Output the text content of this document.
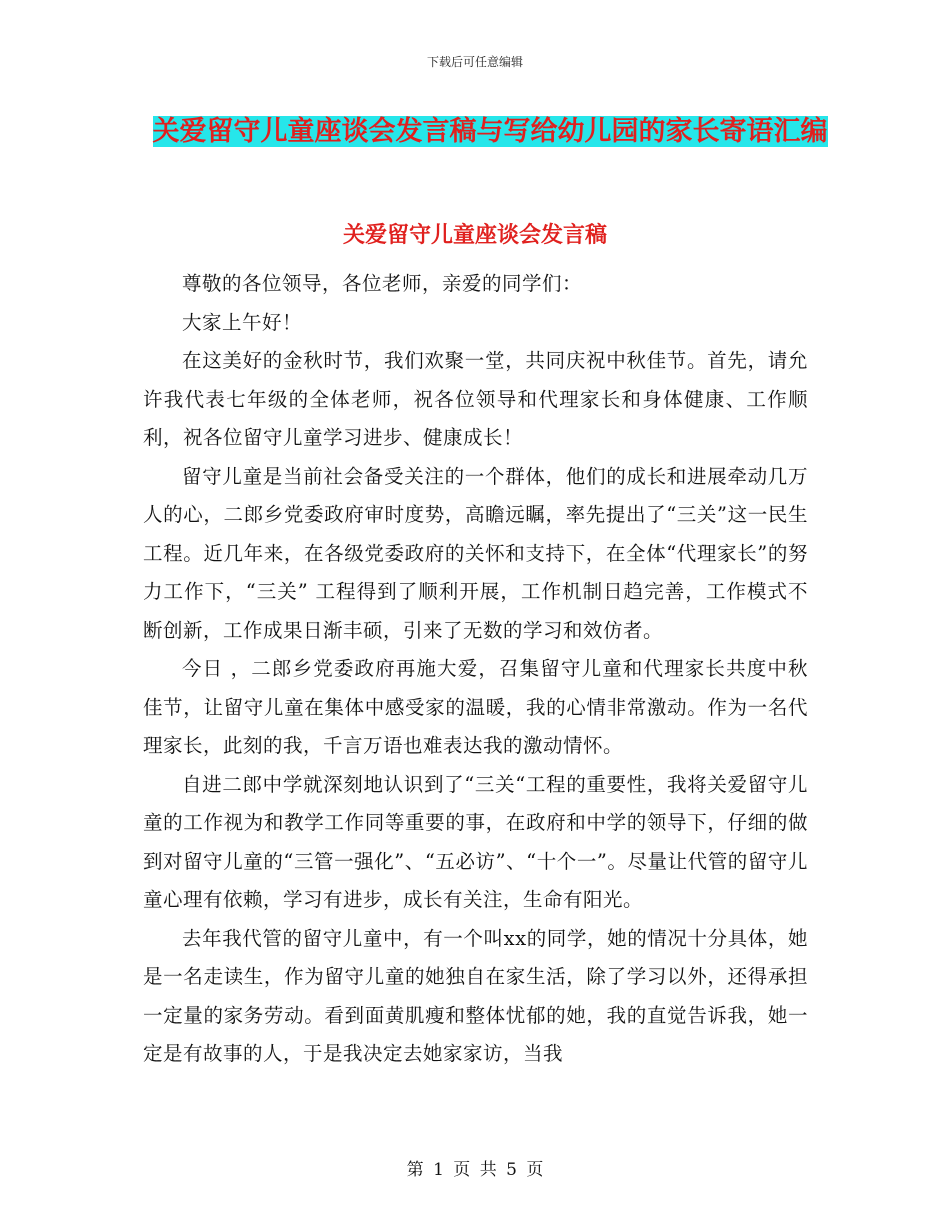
下载后可任意编辑
关爱留守儿童座谈会发言稿与写给幼儿园的家长寄语汇编
关爱留守儿童座谈会发言稿

尊敬的各位领导，各位老师，亲爱的同学们：

大家上午好！

在这美好的金秋时节，我们欢聚一堂，共同庆祝中秋佳节。首先，请允许我代表七年级的全体老师，祝各位领导和代理家长和身体健康、工作顺利，祝各位留守儿童学习进步、健康成长！

留守儿童是当前社会备受关注的一个群体，他们的成长和进展牵动几万人的心，二郎乡党委政府审时度势，高瞻远瞩，率先提出了“三关”这一民生工程。近几年来，在各级党委政府的关怀和支持下，在全体“代理家长”的努力工作下，“三关” 工程得到了顺利开展，工作机制日趋完善，工作模式不断创新，工作成果日渐丰硕，引来了无数的学习和效仿者。

今日 ，二郎乡党委政府再施大爱，召集留守儿童和代理家长共度中秋佳节，让留守儿童在集体中感受家的温暖，我的心情非常激动。作为一名代理家长，此刻的我，千言万语也难表达我的激动情怀。

自进二郎中学就深刻地认识到了“三关“工程的重要性，我将关爱留守儿童的工作视为和教学工作同等重要的事，在政府和中学的领导下，仔细的做到对留守儿童的“三管一强化”、“五必访”、“十个一”。尽量让代管的留守儿童心理有依赖，学习有进步，成长有关注，生命有阳光。

去年我代管的留守儿童中，有一个叫xx的同学，她的情况十分具体，她是一名走读生，作为留守儿童的她独自在家生活，除了学习以外，还得承担一定量的家务劳动。看到面黄肌瘦和整体忧郁的她，我的直觉告诉我，她一定是有故事的人，于是我决定去她家家访，当我

第 1 页 共 5 页
